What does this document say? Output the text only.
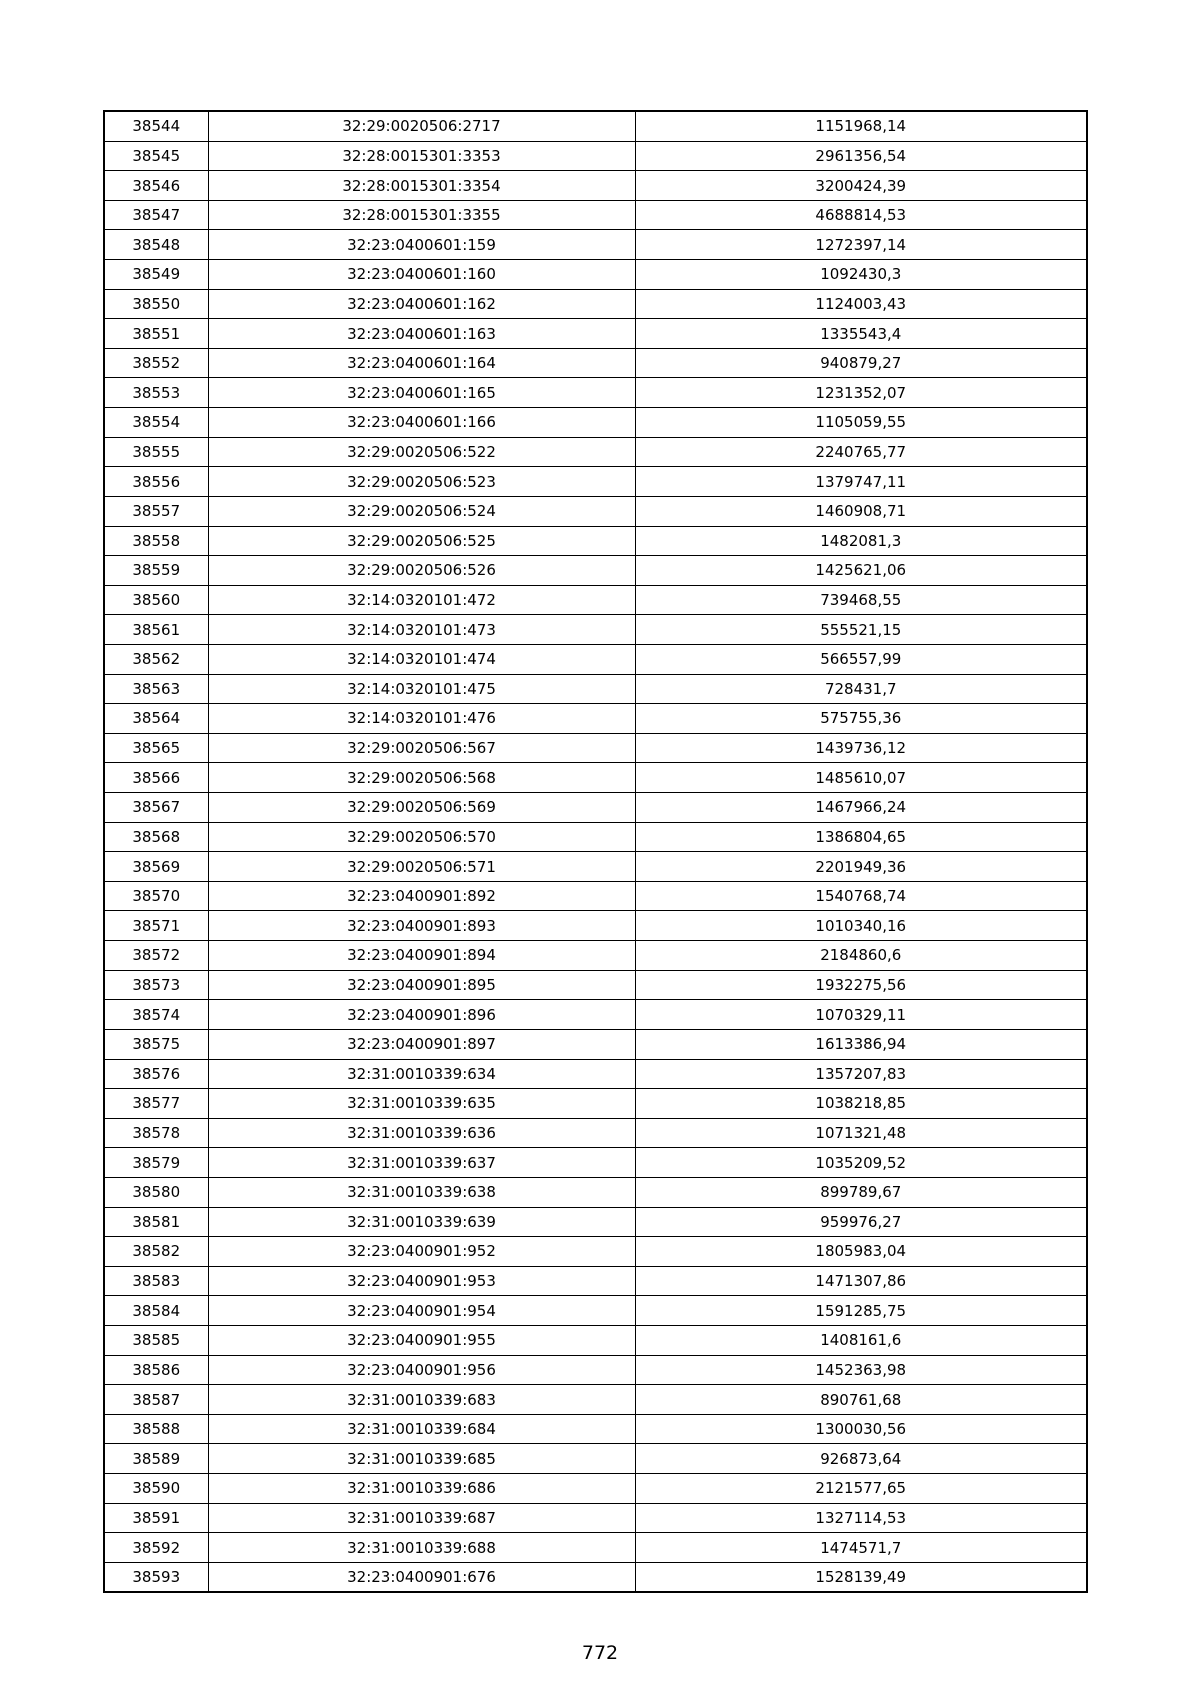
38544	32:29:0020506:2717	1151968,14
38545	32:28:0015301:3353	2961356,54
38546	32:28:0015301:3354	3200424,39
38547	32:28:0015301:3355	4688814,53
38548	32:23:0400601:159	1272397,14
38549	32:23:0400601:160	1092430,3
38550	32:23:0400601:162	1124003,43
38551	32:23:0400601:163	1335543,4
38552	32:23:0400601:164	940879,27
38553	32:23:0400601:165	1231352,07
38554	32:23:0400601:166	1105059,55
38555	32:29:0020506:522	2240765,77
38556	32:29:0020506:523	1379747,11
38557	32:29:0020506:524	1460908,71
38558	32:29:0020506:525	1482081,3
38559	32:29:0020506:526	1425621,06
38560	32:14:0320101:472	739468,55
38561	32:14:0320101:473	555521,15
38562	32:14:0320101:474	566557,99
38563	32:14:0320101:475	728431,7
38564	32:14:0320101:476	575755,36
38565	32:29:0020506:567	1439736,12
38566	32:29:0020506:568	1485610,07
38567	32:29:0020506:569	1467966,24
38568	32:29:0020506:570	1386804,65
38569	32:29:0020506:571	2201949,36
38570	32:23:0400901:892	1540768,74
38571	32:23:0400901:893	1010340,16
38572	32:23:0400901:894	2184860,6
38573	32:23:0400901:895	1932275,56
38574	32:23:0400901:896	1070329,11
38575	32:23:0400901:897	1613386,94
38576	32:31:0010339:634	1357207,83
38577	32:31:0010339:635	1038218,85
38578	32:31:0010339:636	1071321,48
38579	32:31:0010339:637	1035209,52
38580	32:31:0010339:638	899789,67
38581	32:31:0010339:639	959976,27
38582	32:23:0400901:952	1805983,04
38583	32:23:0400901:953	1471307,86
38584	32:23:0400901:954	1591285,75
38585	32:23:0400901:955	1408161,6
38586	32:23:0400901:956	1452363,98
38587	32:31:0010339:683	890761,68
38588	32:31:0010339:684	1300030,56
38589	32:31:0010339:685	926873,64
38590	32:31:0010339:686	2121577,65
38591	32:31:0010339:687	1327114,53
38592	32:31:0010339:688	1474571,7
38593	32:23:0400901:676	1528139,49
772
